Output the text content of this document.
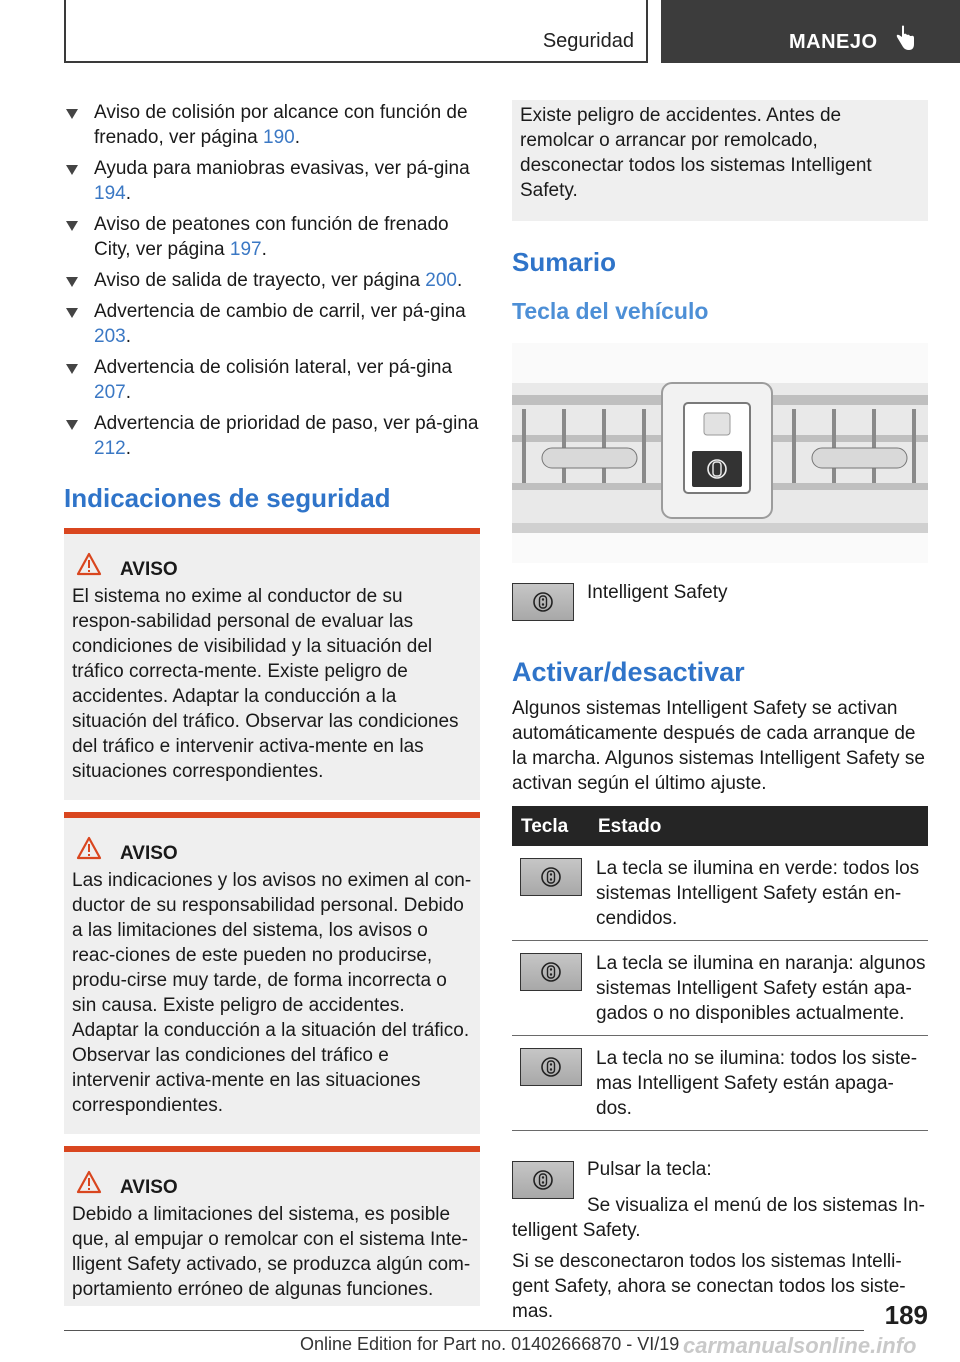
Seguridad	MANEJO
Aviso de colisión por alcance con función de frenado, ver página 190.
Ayuda para maniobras evasivas, ver pá-gina 194.
Aviso de peatones con función de frenado City, ver página 197.
Aviso de salida de trayecto, ver página 200.
Advertencia de cambio de carril, ver pá-gina 203.
Advertencia de colisión lateral, ver pá-gina 207.
Advertencia de prioridad de paso, ver pá-gina 212.
Indicaciones de seguridad
AVISO

El sistema no exime al conductor de su respon-sabilidad personal de evaluar las condiciones de visibilidad y la situación del tráfico correcta-mente. Existe peligro de accidentes. Adaptar la conducción a la situación del tráfico. Observar las condiciones del tráfico e intervenir activa-mente en las situaciones correspondientes.

AVISO

Las indicaciones y los avisos no eximen al con-ductor de su responsabilidad personal. Debido a las limitaciones del sistema, los avisos o reac-ciones de este pueden no producirse, produ-cirse muy tarde, de forma incorrecta o sin causa. Existe peligro de accidentes. Adaptar la conducción a la situación del tráfico. Observar las condiciones del tráfico e intervenir activa-mente en las situaciones correspondientes.

AVISO

Debido a limitaciones del sistema, es posible que, al empujar o remolcar con el sistema Inte-lligent Safety activado, se produzca algún com-portamiento erróneo de algunas funciones.

Existe peligro de accidentes. Antes de remolcar o arrancar por remolcado, desconectar todos los sistemas Intelligent Safety.
Sumario
Tecla del vehículo
Intelligent Safety
Activar/desactivar

Algunos sistemas Intelligent Safety se activan automáticamente después de cada arranque de la marcha. Algunos sistemas Intelligent Safety se activan según el último ajuste.

Tecla Estado
La tecla se ilumina en verde: todos los sistemas Intelligent Safety están en-cendidos.
La tecla se ilumina en naranja: algunos sistemas Intelligent Safety están apa-gados o no disponibles actualmente.
La tecla no se ilumina: todos los siste-mas Intelligent Safety están apaga-dos.
Pulsar la tecla:

Se visualiza el menú de los sistemas In-telligent Safety.

Si se desconectaron todos los sistemas Intelli-gent Safety, ahora se conectan todos los siste-mas.	189
Online Edition for Part no. 01402666870 - VI/19 carmanualsonline.info
